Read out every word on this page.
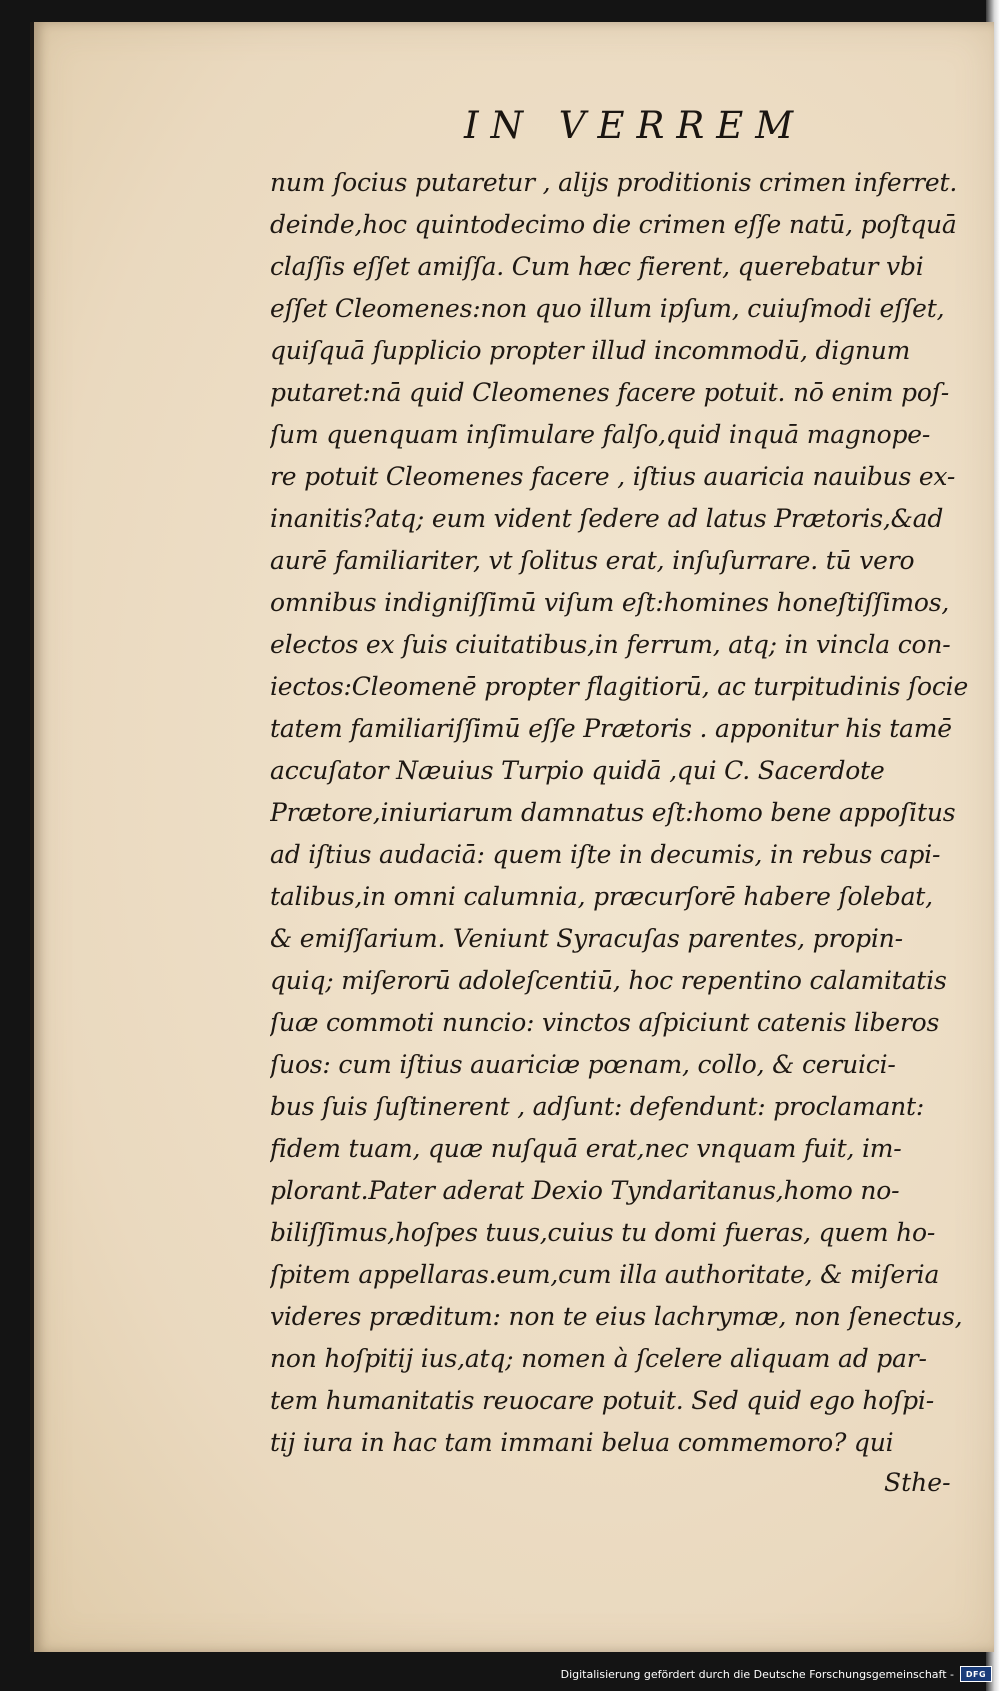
IN VERREM
num ſocius putaretur , alijs proditionis crimen inferret.
deinde,hoc quintodecimo die crimen eſſe natū, poſtquā
claſſis eſſet amiſſa. Cum hæc fierent, querebatur vbi
eſſet Cleomenes:non quo illum ipſum, cuiuſmodi eſſet,
quiſquā ſupplicio propter illud incommodū, dignum
putaret:nā quid Cleomenes facere potuit. nō enim poſ-
ſum quenquam inſimulare falſo,quid inquā magnope-
re potuit Cleomenes facere , iſtius auaricia nauibus ex-
inanitis?atq; eum vident ſedere ad latus Prætoris,&ad
aurē familiariter, vt ſolitus erat, inſuſurrare. tū vero
omnibus indigniſſimū viſum eſt:homines honeſtiſſimos,
electos ex ſuis ciuitatibus,in ferrum, atq; in vincla con-
iectos:Cleomenē propter flagitiorū, ac turpitudinis ſocie
tatem familiariſſimū eſſe Prætoris . apponitur his tamē
accuſator Næuius Turpio quidā ,qui C. Sacerdote
Prætore,iniuriarum damnatus eſt:homo bene appoſitus
ad iſtius audaciā: quem iſte in decumis, in rebus capi-
talibus,in omni calumnia, præcurſorē habere ſolebat,
& emiſſarium. Veniunt Syracuſas parentes, propin-
quiq; miſerorū adoleſcentiū, hoc repentino calamitatis
ſuæ commoti nuncio: vinctos aſpiciunt catenis liberos
ſuos: cum iſtius auariciæ pœnam, collo, & ceruici-
bus ſuis ſuſtinerent , adſunt: defendunt: proclamant:
fidem tuam, quæ nuſquā erat,nec vnquam fuit, im-
plorant.Pater aderat Dexio Tyndaritanus,homo no-
biliſſimus,hoſpes tuus,cuius tu domi fueras, quem ho-
ſpitem appellaras.eum,cum illa authoritate, & miſeria
videres præditum: non te eius lachrymæ, non ſenectus,
non hoſpitij ius,atq; nomen à ſcelere aliquam ad par-
tem humanitatis reuocare potuit. Sed quid ego hoſpi-
tij iura in hac tam immani belua commemoro? qui
Sthe-
Digitalisierung gefördert durch die Deutsche Forschungsgemeinschaft -	DFG
